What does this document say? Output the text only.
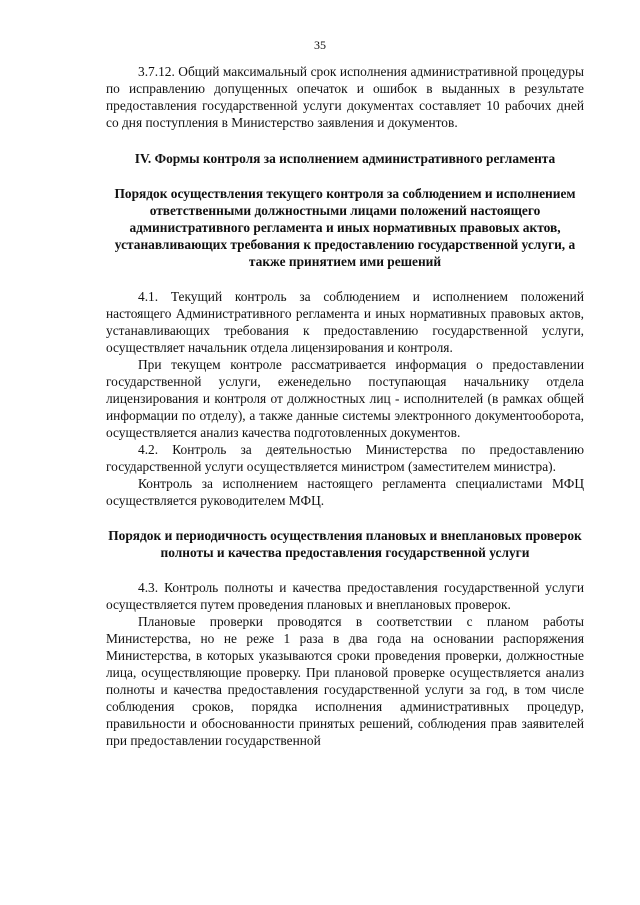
35

3.7.12. Общий максимальный срок исполнения административной процедуры по исправлению допущенных опечаток и ошибок в выданных в результате предоставления государственной услуги документах составляет 10 рабочих дней со дня поступления в Министерство заявления и документов.

IV. Формы контроля за исполнением административного регламента

Порядок осуществления текущего контроля за соблюдением и исполнением ответственными должностными лицами положений настоящего административного регламента и иных нормативных правовых актов, устанавливающих требования к предоставлению государственной услуги, а также принятием ими решений

4.1. Текущий контроль за соблюдением и исполнением положений настоящего Административного регламента и иных нормативных правовых актов, устанавливающих требования к предоставлению государственной услуги, осуществляет начальник отдела лицензирования и контроля.

При текущем контроле рассматривается информация о предоставлении государственной услуги, еженедельно поступающая начальнику отдела лицензирования и контроля от должностных лиц - исполнителей (в рамках общей информации по отделу), а также данные системы электронного документооборота, осуществляется анализ качества подготовленных документов.

4.2. Контроль за деятельностью Министерства по предоставлению государственной услуги осуществляется министром (заместителем министра).

Контроль за исполнением настоящего регламента специалистами МФЦ осуществляется руководителем МФЦ.

Порядок и периодичность осуществления плановых и внеплановых проверок полноты и качества предоставления государственной услуги

4.3. Контроль полноты и качества предоставления государственной услуги осуществляется путем проведения плановых и внеплановых проверок.

Плановые проверки проводятся в соответствии с планом работы Министерства, но не реже 1 раза в два года на основании распоряжения Министерства, в которых указываются сроки проведения проверки, должностные лица, осуществляющие проверку. При плановой проверке осуществляется анализ полноты и качества предоставления государственной услуги за год, в том числе соблюдения сроков, порядка исполнения административных процедур, правильности и обоснованности принятых решений, соблюдения прав заявителей при предоставлении государственной
